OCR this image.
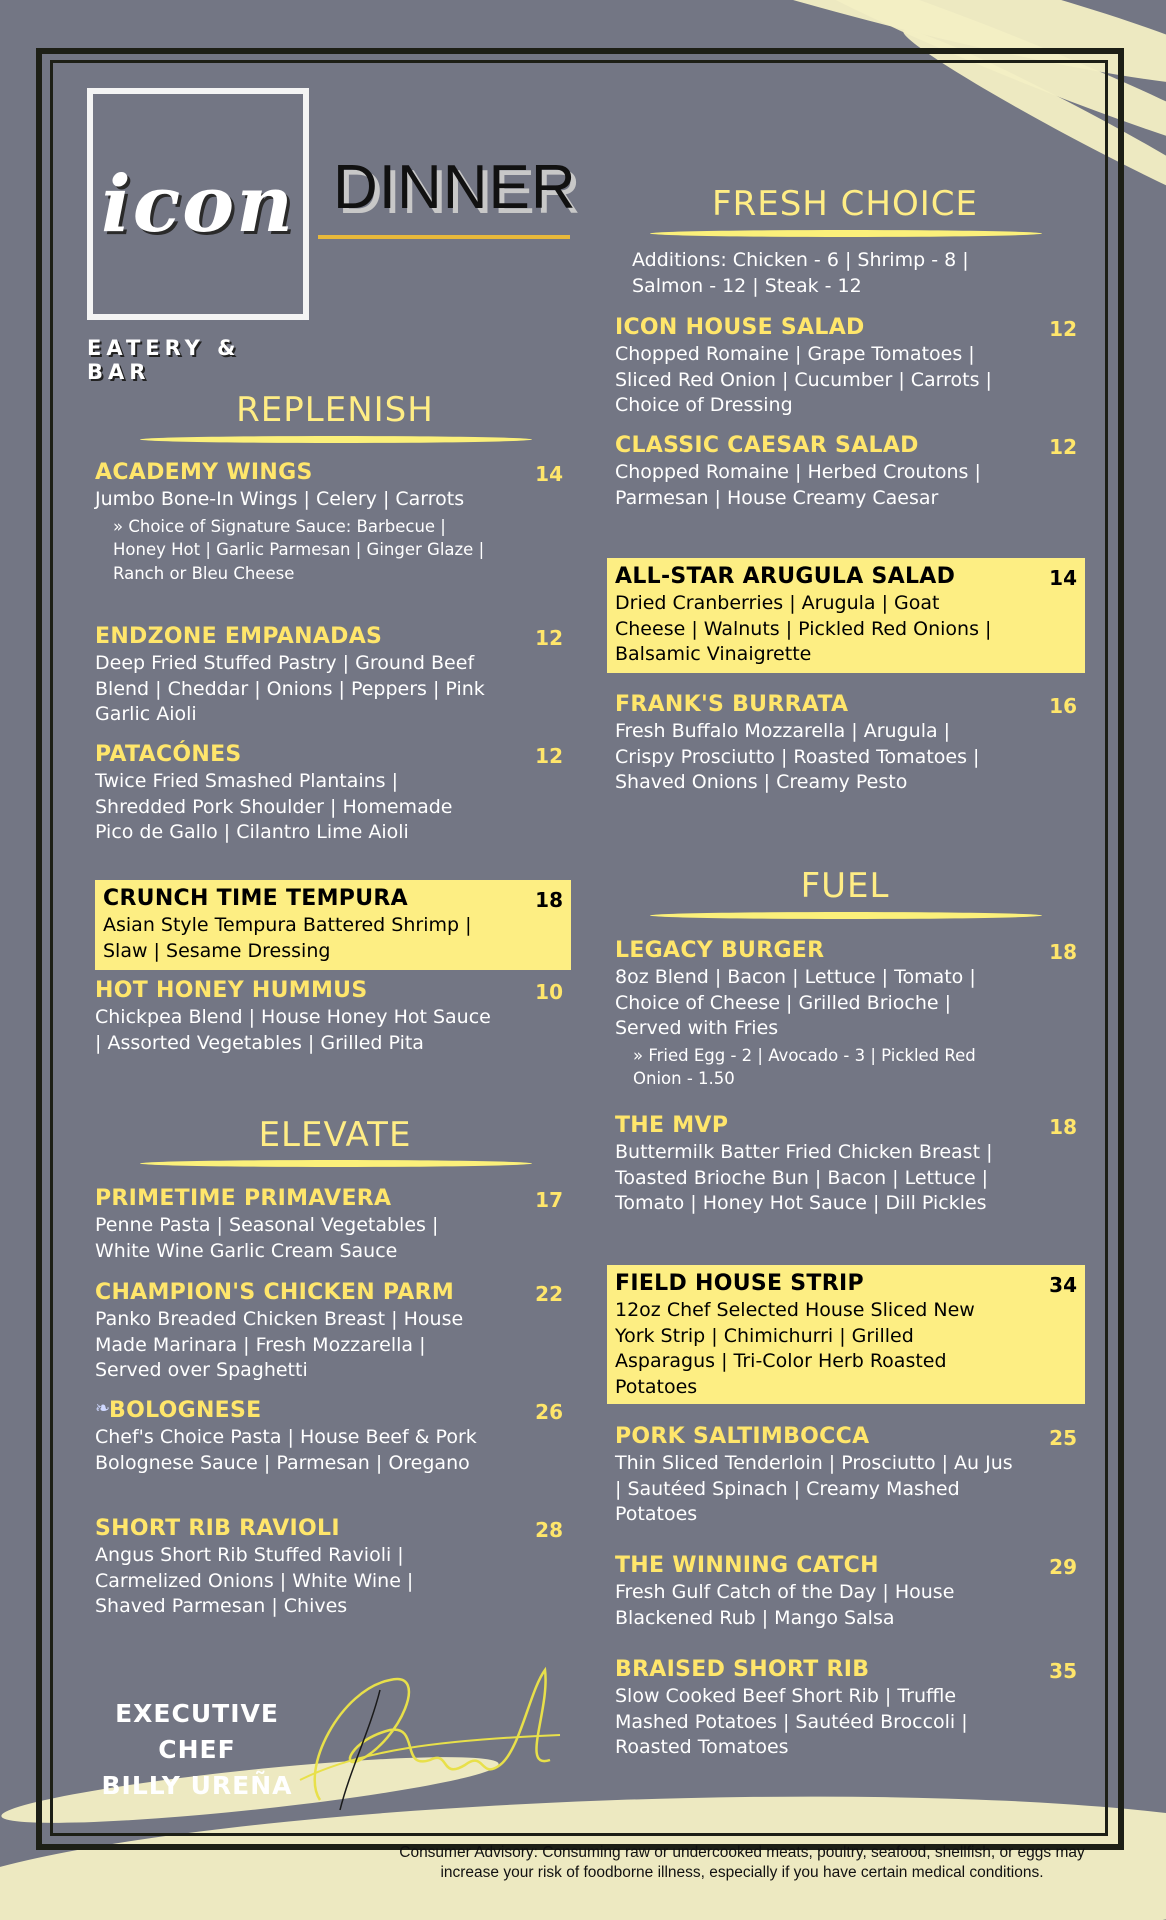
icon
EATERY & BAR
DINNER
REPLENISH
ACADEMY WINGS	14
Jumbo Bone-In Wings | Celery | Carrots
» Choice of Signature Sauce: Barbecue | Honey Hot | Garlic Parmesan | Ginger Glaze | Ranch or Bleu Cheese
ENDZONE EMPANADAS	12
Deep Fried Stuffed Pastry | Ground Beef Blend | Cheddar | Onions | Peppers | Pink Garlic Aioli
PATACÓNES	12
Twice Fried Smashed Plantains | Shredded Pork Shoulder | Homemade Pico de Gallo | Cilantro Lime Aioli
CRUNCH TIME TEMPURA	18
Asian Style Tempura Battered Shrimp | Slaw | Sesame Dressing
HOT HONEY HUMMUS	10
Chickpea Blend | House Honey Hot Sauce | Assorted Vegetables | Grilled Pita
ELEVATE
PRIMETIME PRIMAVERA	17
Penne Pasta | Seasonal Vegetables | White Wine Garlic Cream Sauce
CHAMPION'S CHICKEN PARM	22
Panko Breaded Chicken Breast | House Made Marinara | Fresh Mozzarella | Served over Spaghetti
❧BOLOGNESE	26
Chef's Choice Pasta | House Beef & Pork Bolognese Sauce | Parmesan | Oregano
SHORT RIB RAVIOLI	28
Angus Short Rib Stuffed Ravioli | Carmelized Onions | White Wine | Shaved Parmesan | Chives
FRESH CHOICE
Additions: Chicken - 6 | Shrimp - 8 | Salmon - 12 | Steak - 12
ICON HOUSE SALAD	12
Chopped Romaine | Grape Tomatoes | Sliced Red Onion | Cucumber | Carrots | Choice of Dressing
CLASSIC CAESAR SALAD	12
Chopped Romaine | Herbed Croutons | Parmesan | House Creamy Caesar
ALL-STAR ARUGULA SALAD	14
Dried Cranberries | Arugula | Goat Cheese | Walnuts | Pickled Red Onions | Balsamic Vinaigrette
FRANK'S BURRATA	16
Fresh Buffalo Mozzarella | Arugula | Crispy Prosciutto | Roasted Tomatoes | Shaved Onions | Creamy Pesto
FUEL
LEGACY BURGER	18
8oz Blend | Bacon | Lettuce | Tomato | Choice of Cheese | Grilled Brioche | Served with Fries
» Fried Egg - 2 | Avocado - 3 | Pickled Red Onion - 1.50
THE MVP	18
Buttermilk Batter Fried Chicken Breast | Toasted Brioche Bun | Bacon | Lettuce | Tomato | Honey Hot Sauce | Dill Pickles
FIELD HOUSE STRIP	34
12oz Chef Selected House Sliced New York Strip | Chimichurri | Grilled Asparagus | Tri-Color Herb Roasted Potatoes
PORK SALTIMBOCCA	25
Thin Sliced Tenderloin | Prosciutto | Au Jus | Sautéed Spinach | Creamy Mashed Potatoes
THE WINNING CATCH	29
Fresh Gulf Catch of the Day | House Blackened Rub | Mango Salsa
BRAISED SHORT RIB	35
Slow Cooked Beef Short Rib | Truffle Mashed Potatoes | Sautéed Broccoli | Roasted Tomatoes
EXECUTIVE CHEF
BILLY UREÑA
Consumer Advisory: Consuming raw or undercooked meats, poultry, seafood, shellfish, or eggs may increase your risk of foodborne illness, especially if you have certain medical conditions.
